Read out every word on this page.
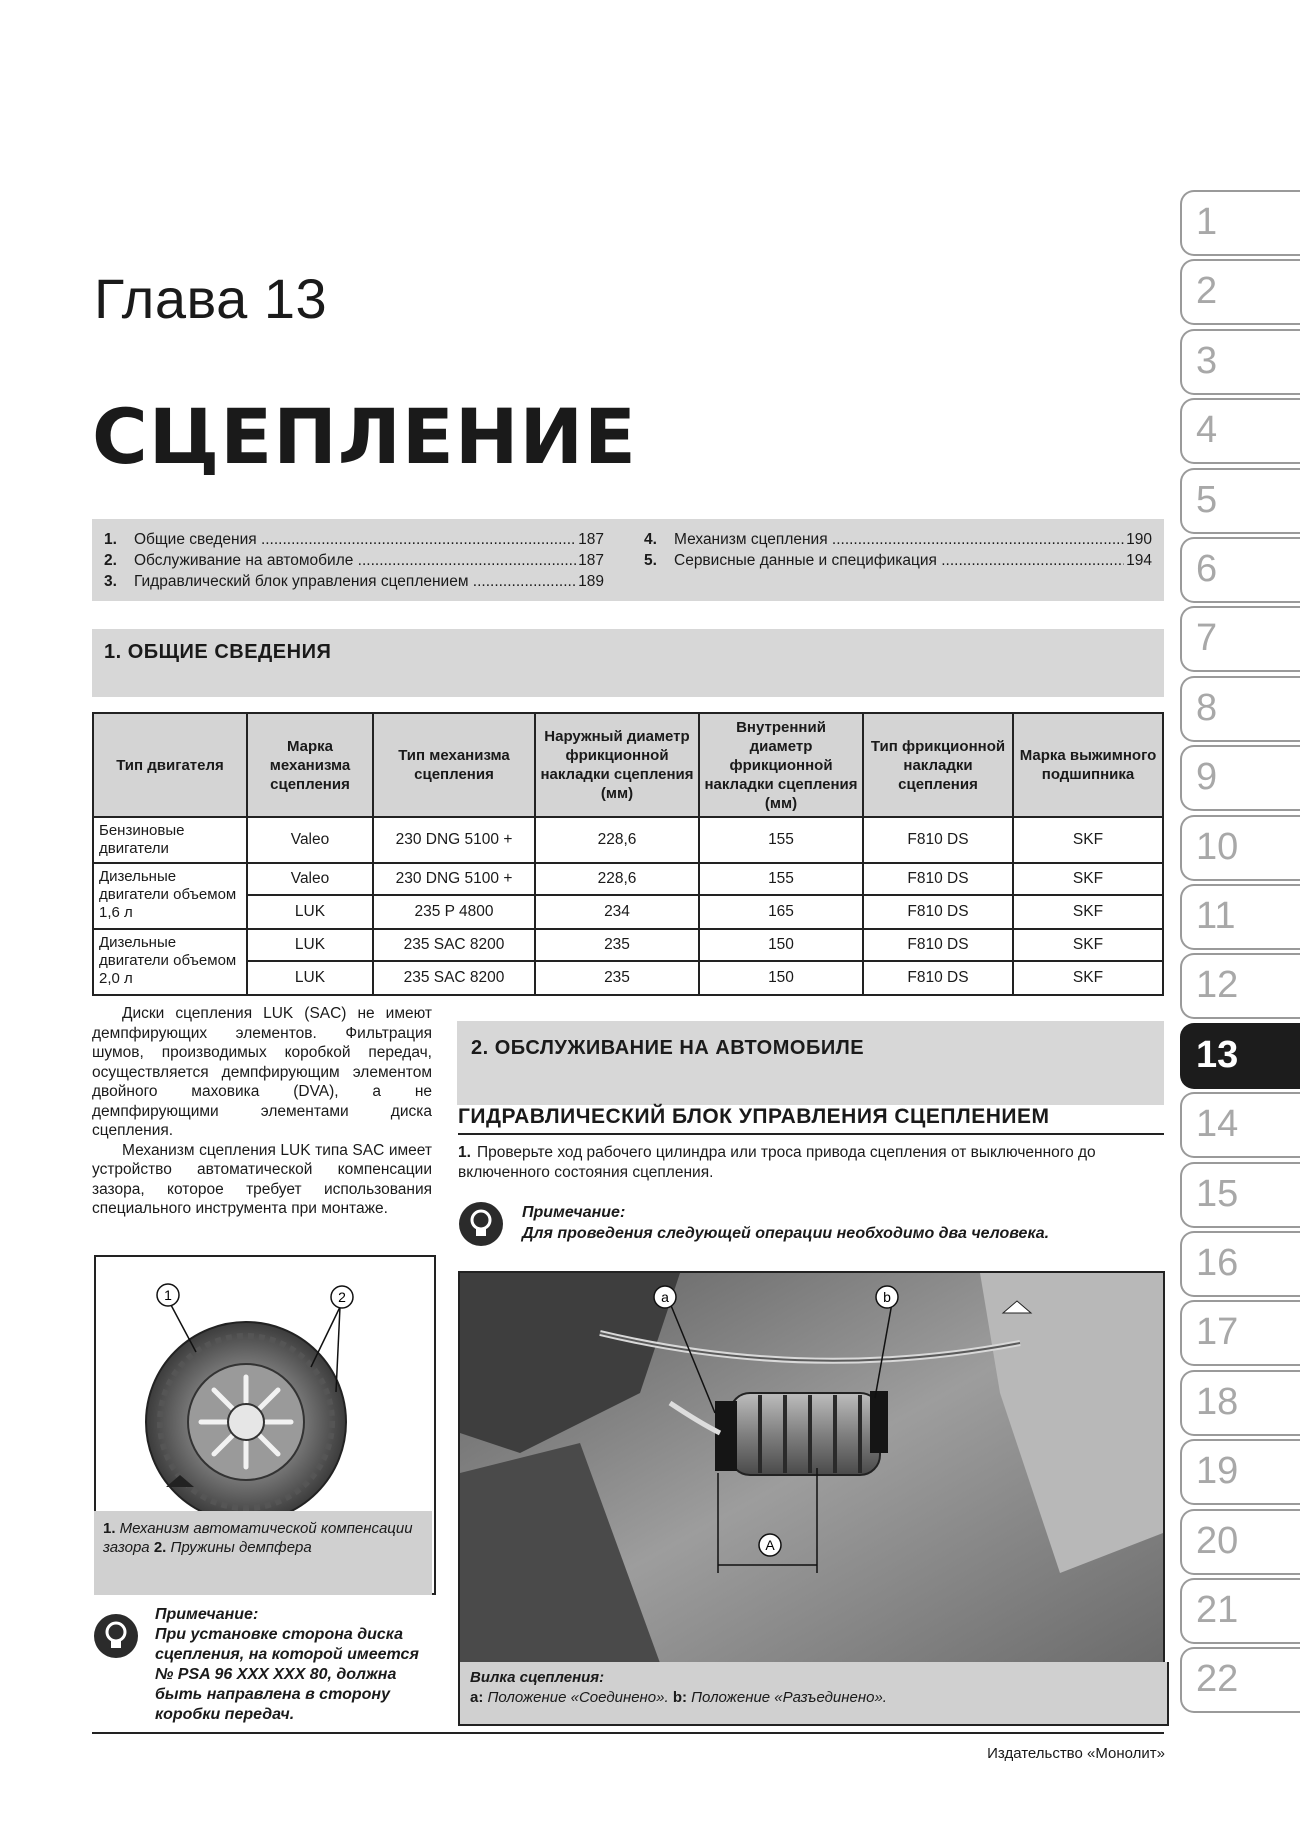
Глава 13
СЦЕПЛЕНИЕ
1.	Общие сведения .....	187
2.	Обслуживание на автомобиле .....	187
3.	Гидравлический блок управления сцеплением .....	189
4.	Механизм сцепления .....	190
5.	Сервисные данные и спецификация .....	194
1. ОБЩИЕ СВЕДЕНИЯ
Тип двигателя	Марка механизма сцепления	Тип механизма сцепления	Наружный диаметр фрикционной накладки сцепления (мм)	Внутренний диаметр фрикционной накладки сцепления (мм)	Тип фрикционной накладки сцепления	Марка выжимного подшипника
Бензиновые двигатели	Valeo	230 DNG 5100 +	228,6	155	F810 DS	SKF
Дизельные двигатели объемом 1,6 л	Valeo	230 DNG 5100 +	228,6	155	F810 DS	SKF
	LUK	235 P 4800	234	165	F810 DS	SKF
Дизельные двигатели объемом 2,0 л	LUK	235 SAC 8200	235	150	F810 DS	SKF
	LUK	235 SAC 8200	235	150	F810 DS	SKF

Диски сцепления LUK (SAC) не имеют демпфирующих элементов. Фильтрация шумов, производимых коробкой передач, осуществляется демпфирующим элементом двойного маховика (DVA), а не демпфирующими элементами диска сцепления.

Механизм сцепления LUK типа SAC имеет устройство автоматической компенсации зазора, которое требует использования специального инструмента при монтаже.

1	2
1. Механизм автоматической компенсации зазора 2. Пружины демпфера
Примечание:
При установке сторона диска сцепления, на которой имеется № PSA 96 XXX XXX 80, должна быть направлена в сторону коробки передач.
2. ОБСЛУЖИВАНИЕ НА АВТОМОБИЛЕ
ГИДРАВЛИЧЕСКИЙ БЛОК УПРАВЛЕНИЯ СЦЕПЛЕНИЕМ
1. Проверьте ход рабочего цилиндра или троса привода сцепления от выключенного до включенного состояния сцепления.
Примечание:
Для проведения следующей операции необходимо два человека.
a	b
A
Вилка сцепления:
a: Положение «Соединено». b: Положение «Разъединено».
Издательство «Монолит»
1
2
3
4
5
6
7
8
9
10
11
12
13
14
15
16
17
18
19
20
21
22
